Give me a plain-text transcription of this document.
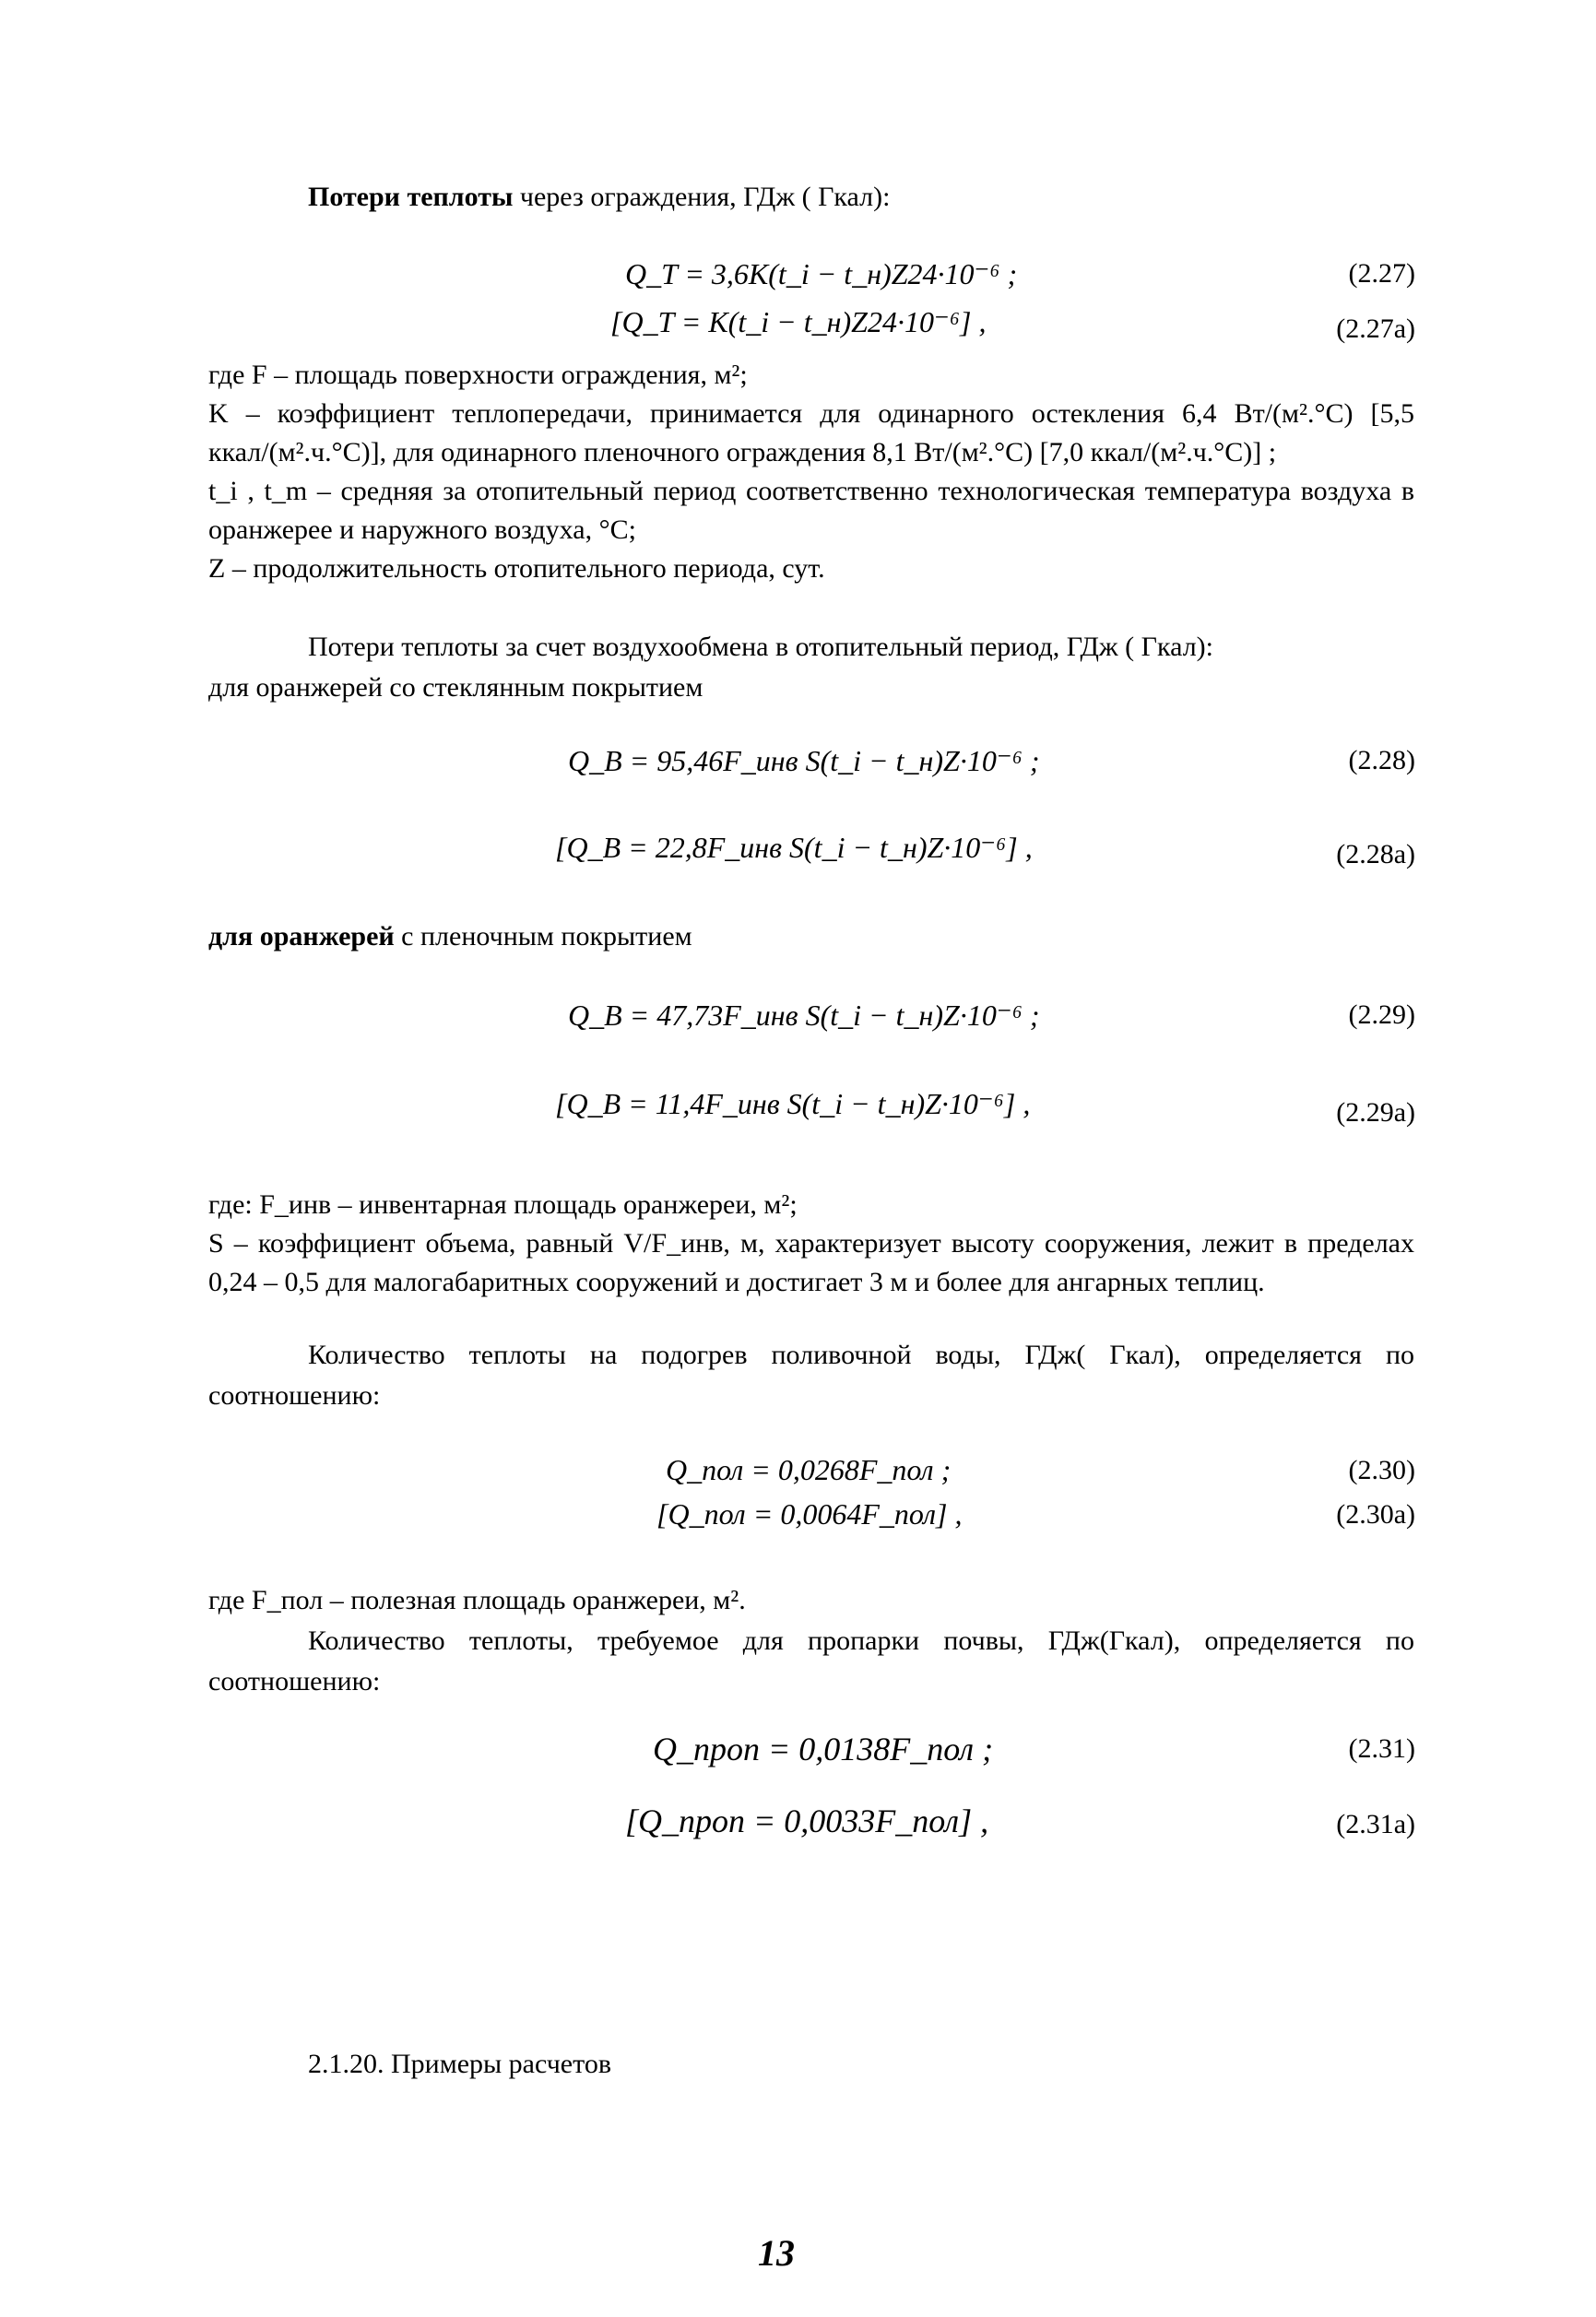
Потери теплоты через ограждения, ГДж ( Гкал):
Q_T = 3,6K(t_i − t_н)Z24·10⁻⁶ ;	(2.27)
[Q_T = K(t_i − t_н)Z24·10⁻⁶] ,	(2.27a)
где F – площадь поверхности ограждения, м²;
K – коэффициент теплопередачи, принимается для одинарного остекления 6,4 Вт/(м².°С) [5,5 ккал/(м².ч.°С)], для одинарного пленочного ограждения 8,1 Вт/(м².°С) [7,0 ккал/(м².ч.°С)] ;
t_i , t_m – средняя за отопительный период соответственно технологическая температура воздуха в оранжерее и наружного воздуха, °С;
Z – продолжительность отопительного периода, сут.
Потери теплоты за счет воздухообмена в отопительный период, ГДж ( Гкал):
для оранжерей со стеклянным покрытием
Q_В = 95,46F_инв S(t_i − t_н)Z·10⁻⁶ ;	(2.28)
[Q_В = 22,8F_инв S(t_i − t_н)Z·10⁻⁶] ,	(2.28a)
для оранжерей с пленочным покрытием
Q_В = 47,73F_инв S(t_i − t_н)Z·10⁻⁶ ;	(2.29)
[Q_В = 11,4F_инв S(t_i − t_н)Z·10⁻⁶] ,	(2.29a)
где: F_инв – инвентарная площадь оранжереи, м²;
S – коэффициент объема, равный V/F_инв, м, характеризует высоту сооружения, лежит в пределах 0,24 – 0,5 для малогабаритных сооружений и достигает 3 м и более для ангарных теплиц.
Количество теплоты на подогрев поливочной воды, ГДж( Гкал), определяется по соотношению:
Q_пол = 0,0268F_пол ;	(2.30)
[Q_пол = 0,0064F_пол] ,	(2.30a)
где F_пол – полезная площадь оранжереи, м².
Количество теплоты, требуемое для пропарки почвы, ГДж(Гкал), определяется по соотношению:
Q_проп = 0,0138F_пол ;	(2.31)
[Q_проп = 0,0033F_пол] ,	(2.31a)
2.1.20. Примеры расчетов
13
